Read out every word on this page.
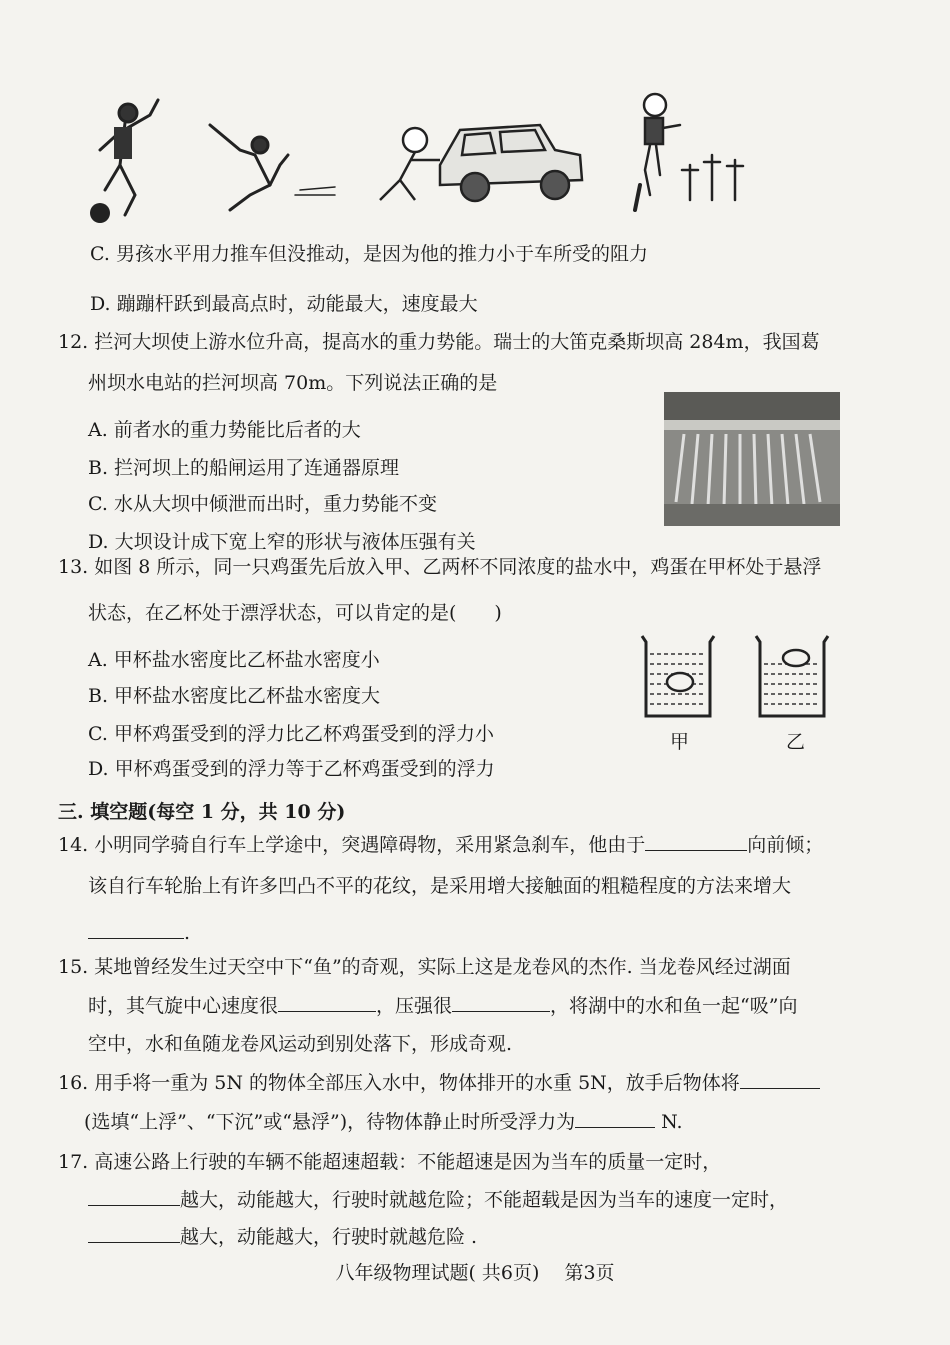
C. 男孩水平用力推车但没推动，是因为他的推力小于车所受的阻力
D. 蹦蹦杆跃到最高点时，动能最大，速度最大
12. 拦河大坝使上游水位升高，提高水的重力势能。瑞士的大笛克桑斯坝高 284m，我国葛
州坝水电站的拦河坝高 70m。下列说法正确的是
A. 前者水的重力势能比后者的大
B. 拦河坝上的船闸运用了连通器原理
C. 水从大坝中倾泄而出时，重力势能不变
D. 大坝设计成下宽上窄的形状与液体压强有关
13. 如图 8 所示，同一只鸡蛋先后放入甲、乙两杯不同浓度的盐水中，鸡蛋在甲杯处于悬浮
状态，在乙杯处于漂浮状态，可以肯定的是(　　)
A. 甲杯盐水密度比乙杯盐水密度小
B. 甲杯盐水密度比乙杯盐水密度大
C. 甲杯鸡蛋受到的浮力比乙杯鸡蛋受到的浮力小
D. 甲杯鸡蛋受到的浮力等于乙杯鸡蛋受到的浮力
甲	乙
三. 填空题(每空 1 分，共 10 分)
14. 小明同学骑自行车上学途中，突遇障碍物，采用紧急刹车，他由于	向前倾；
该自行车轮胎上有许多凹凸不平的花纹，是采用增大接触面的粗糙程度的方法来增大
.
15. 某地曾经发生过天空中下“鱼”的奇观，实际上这是龙卷风的杰作. 当龙卷风经过湖面
时，其气旋中心速度很	，压强很	，将湖中的水和鱼一起“吸”向
空中，水和鱼随龙卷风运动到别处落下，形成奇观.
16. 用手将一重为 5N 的物体全部压入水中，物体排开的水重 5N，放手后物体将
(选填“上浮”、“下沉”或“悬浮”)，待物体静止时所受浮力为	N.
17. 高速公路上行驶的车辆不能超速超载：不能超速是因为当车的质量一定时，
越大，动能越大，行驶时就越危险；不能超载是因为当车的速度一定时，
越大，动能越大，行驶时就越危险 .
八年级物理试题( 共6页)　 第3页
